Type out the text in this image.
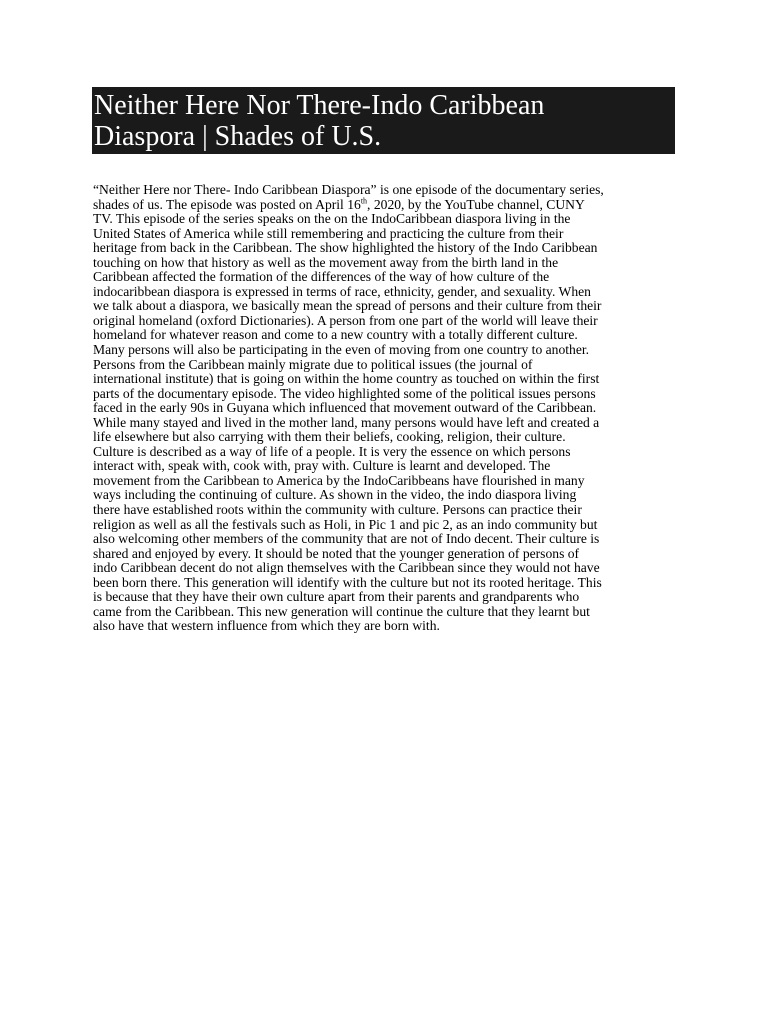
Neither Here Nor There-Indo Caribbean
Diaspora | Shades of U.S.
“Neither Here nor There- Indo Caribbean Diaspora” is one episode of the documentary series,
shades of us. The episode was posted on April 16th, 2020, by the YouTube channel, CUNY
TV. This episode of the series speaks on the on the IndoCaribbean diaspora living in the
United States of America while still remembering and practicing the culture from their
heritage from back in the Caribbean. The show highlighted the history of the Indo Caribbean
touching on how that history as well as the movement away from the birth land in the
Caribbean affected the formation of the differences of the way of how culture of the
indocaribbean diaspora is expressed in terms of race, ethnicity, gender, and sexuality. When
we talk about a diaspora, we basically mean the spread of persons and their culture from their
original homeland (oxford Dictionaries). A person from one part of the world will leave their
homeland for whatever reason and come to a new country with a totally different culture.
Many persons will also be participating in the even of moving from one country to another.
Persons from the Caribbean mainly migrate due to political issues (the journal of
international institute) that is going on within the home country as touched on within the first
parts of the documentary episode. The video highlighted some of the political issues persons
faced in the early 90s in Guyana which influenced that movement outward of the Caribbean.
While many stayed and lived in the mother land, many persons would have left and created a
life elsewhere but also carrying with them their beliefs, cooking, religion, their culture.
Culture is described as a way of life of a people. It is very the essence on which persons
interact with, speak with, cook with, pray with. Culture is learnt and developed. The
movement from the Caribbean to America by the IndoCaribbeans have flourished in many
ways including the continuing of culture. As shown in the video, the indo diaspora living
there have established roots within the community with culture. Persons can practice their
religion as well as all the festivals such as Holi, in Pic 1 and pic 2, as an indo community but
also welcoming other members of the community that are not of Indo decent. Their culture is
shared and enjoyed by every. It should be noted that the younger generation of persons of
indo Caribbean decent do not align themselves with the Caribbean since they would not have
been born there. This generation will identify with the culture but not its rooted heritage. This
is because that they have their own culture apart from their parents and grandparents who
came from the Caribbean. This new generation will continue the culture that they learnt but
also have that western influence from which they are born with.
